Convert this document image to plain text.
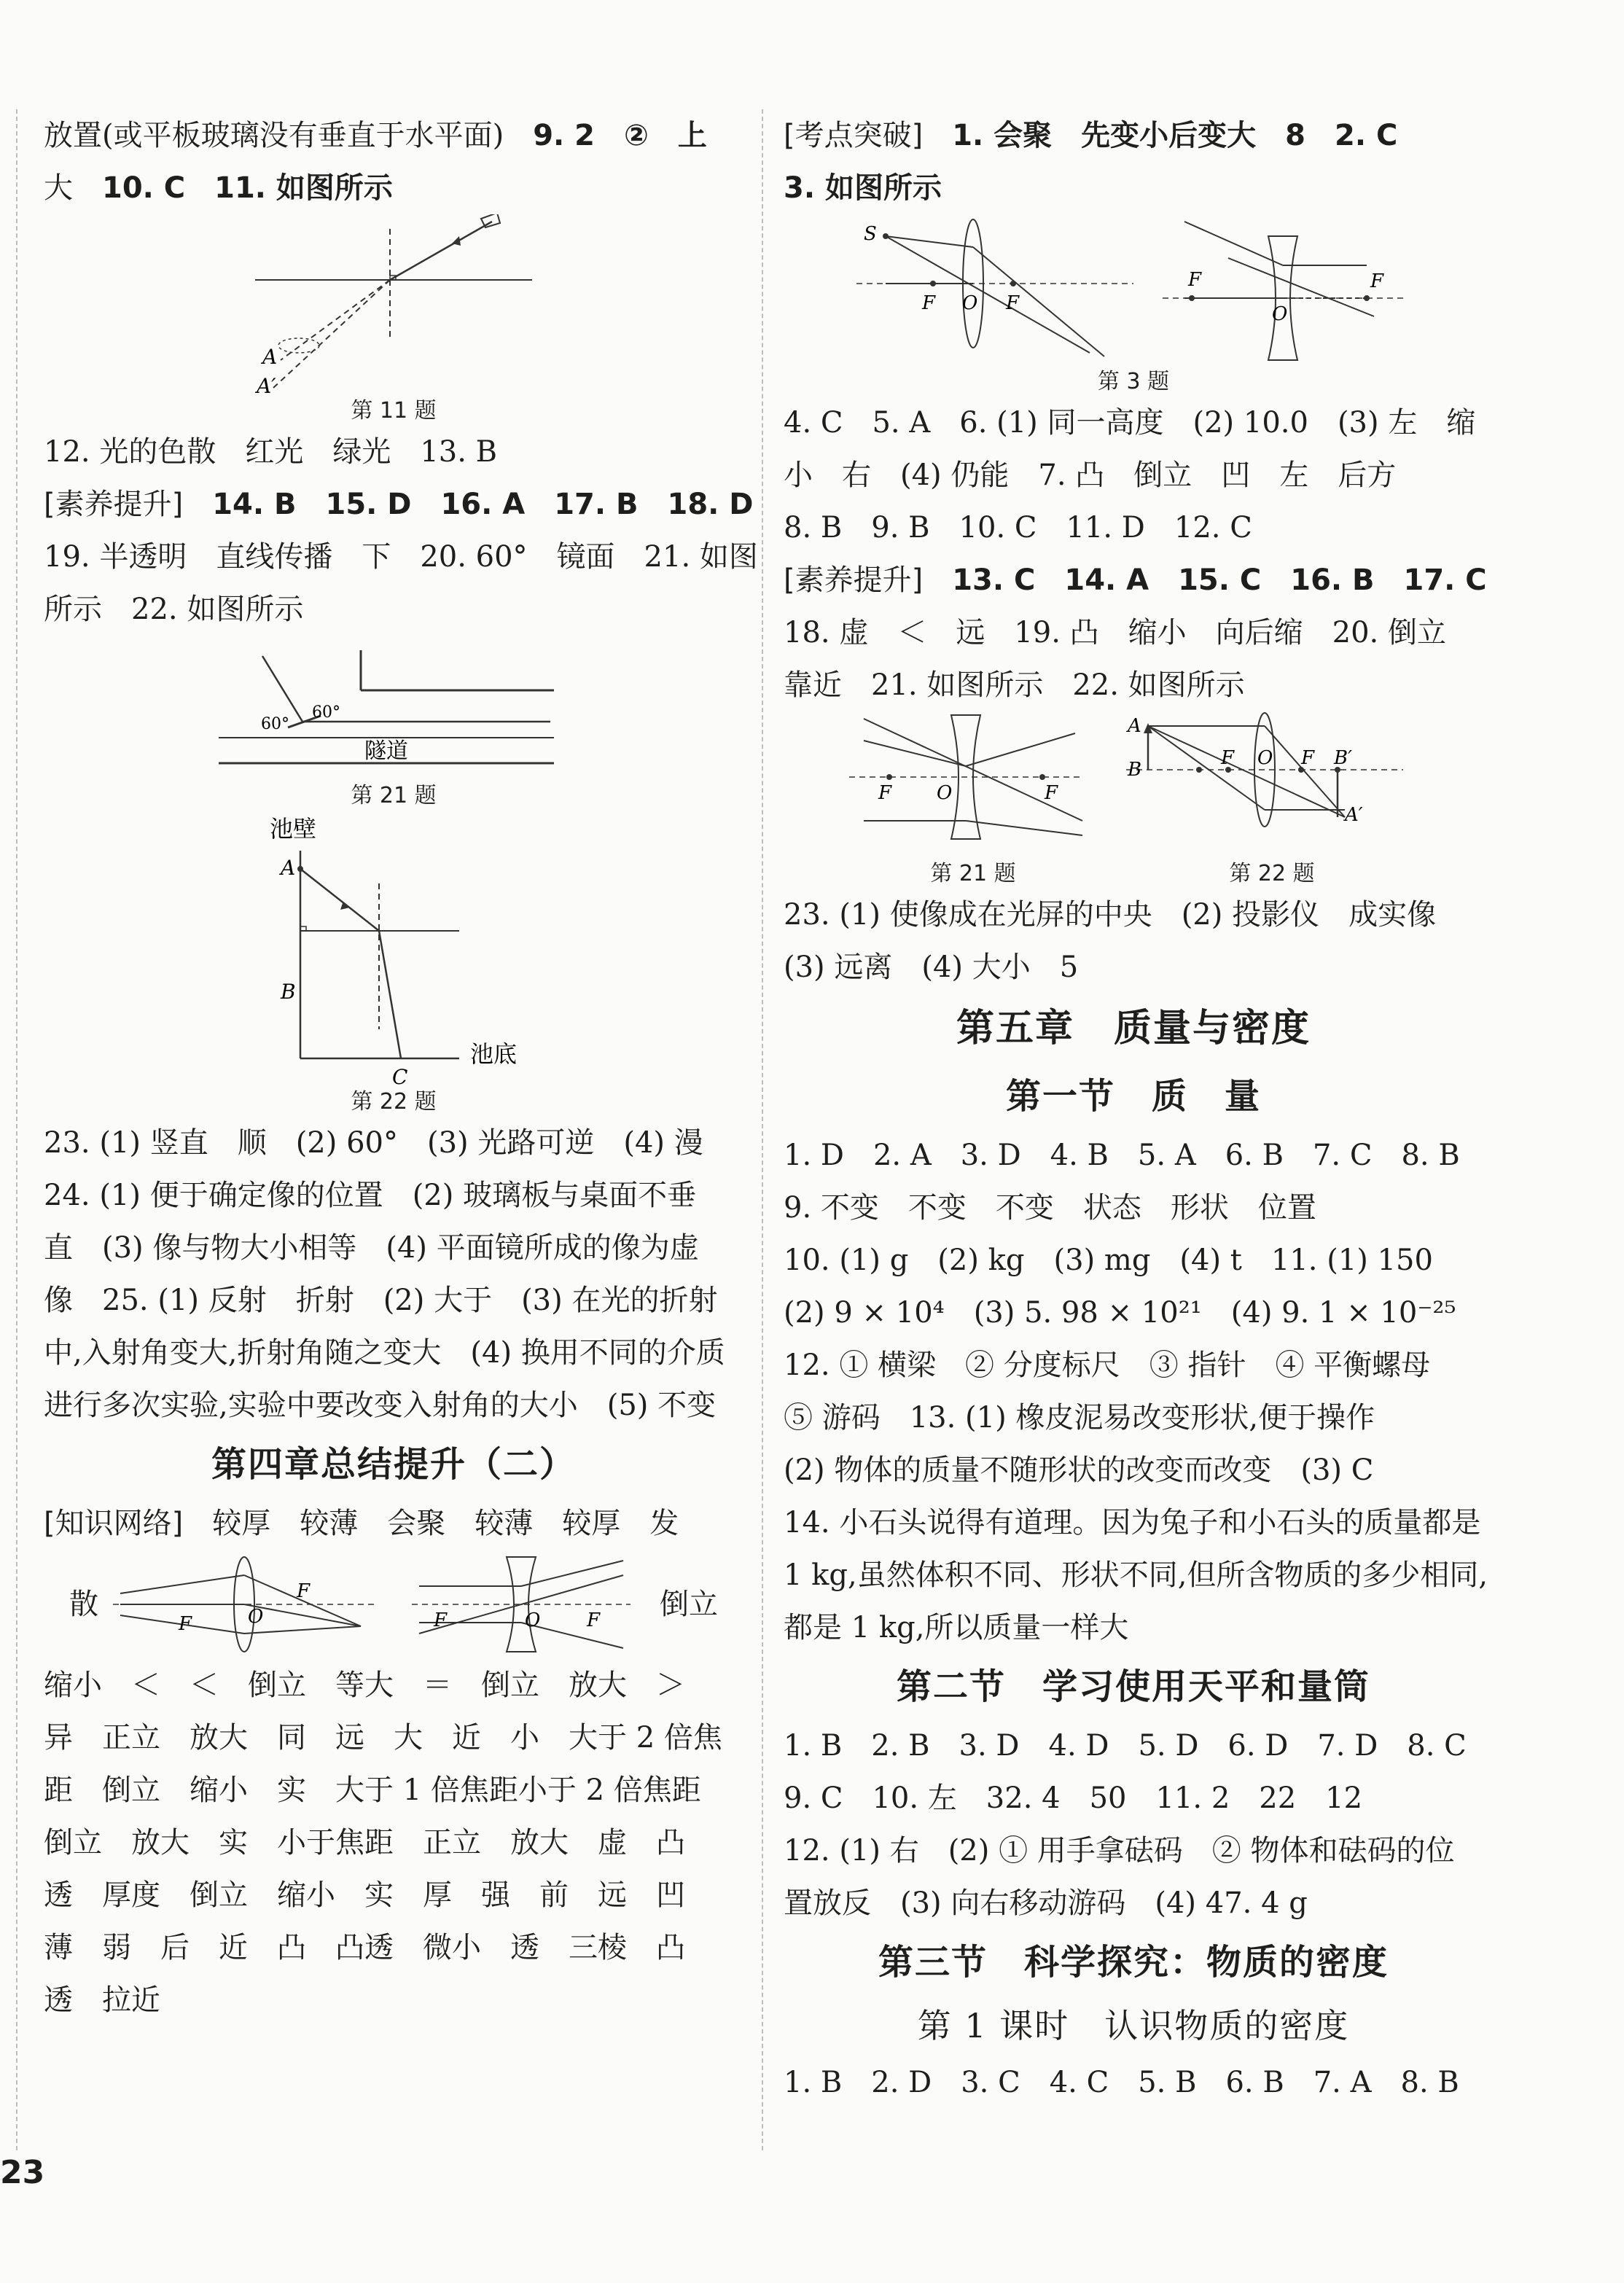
放置(或平板玻璃没有垂直于水平面)　 9. 2　②　上
大　 10. C　11. 如图所示
A
A′
第 11 题
12. 光的色散　红光　绿光　13. B
[素养提升]　 14. B　15. D　16. A　17. B　18. D
19. 半透明　直线传播　下　20. 60°　镜面　21. 如图
所示　22. 如图所示
60°
60°
隧道
第 21 题
池壁
A
B
C
池底
第 22 题
23. (1) 竖直　顺　(2) 60°　(3) 光路可逆　(4) 漫
24. (1) 便于确定像的位置　(2) 玻璃板与桌面不垂
直　(3) 像与物大小相等　(4) 平面镜所成的像为虚
像　25. (1) 反射　折射　(2) 大于　(3) 在光的折射
中,入射角变大,折射角随之变大　(4) 换用不同的介质
进行多次实验,实验中要改变入射角的大小　(5) 不变
第四章总结提升（二）
[知识网络]　 较厚　较薄　会聚　较薄　较厚　发
散
F
F
O	F	F
O	倒立
缩小　＜　＜　倒立　等大　＝　倒立　放大　＞
异　正立　放大　同　远　大　近　小　大于 2 倍焦
距　倒立　缩小　实　大于 1 倍焦距小于 2 倍焦距
倒立　放大　实　小于焦距　正立　放大　虚　凸
透　厚度　倒立　缩小　实　厚　强　前　远　凹
薄　弱　后　近　凸　凸透　微小　透　三棱　凸
透　拉近
[考点突破]　 1. 会聚　先变小后变大　8　2. C
3. 如图所示
S
F O F
F
O
F
第 3 题
4. C　5. A　6. (1) 同一高度　(2) 10.0　(3) 左　缩
小　右　(4) 仍能　7. 凸　倒立　凹　左　后方
8. B　9. B　10. C　11. D　12. C
[素养提升]　 13. C　14. A　15. C　16. B　17. C
18. 虚　＜　远　19. 凸　缩小　向后缩　20. 倒立
靠近　21. 如图所示　22. 如图所示
F O	F
第 21 题
A
B
F O F B′
A′
第 22 题
23. (1) 使像成在光屏的中央　(2) 投影仪　成实像
(3) 远离　(4) 大小　5
第五章　质量与密度
第一节　质　量
1. D　2. A　3. D　4. B　5. A　6. B　7. C　8. B
9. 不变　不变　不变　状态　形状　位置
10. (1) g　(2) kg　(3) mg　(4) t　11. (1) 150
(2) 9 × 10⁴　(3) 5. 98 × 10²¹　(4) 9. 1 × 10⁻²⁵
12. ① 横梁　② 分度标尺　③ 指针　④ 平衡螺母
⑤ 游码　13. (1) 橡皮泥易改变形状,便于操作
(2) 物体的质量不随形状的改变而改变　(3) C
14. 小石头说得有道理。因为兔子和小石头的质量都是
1 kg,虽然体积不同、形状不同,但所含物质的多少相同,
都是 1 kg,所以质量一样大
第二节　学习使用天平和量筒
1. B　2. B　3. D　4. D　5. D　6. D　7. D　8. C
9. C　10. 左　32. 4　50　11. 2　22　12
12. (1) 右　(2) ① 用手拿砝码　② 物体和砝码的位
置放反　(3) 向右移动游码　(4) 47. 4 g
第三节　科学探究：物质的密度
第 1 课时　认识物质的密度
1. B　2. D　3. C　4. C　5. B　6. B　7. A　8. B
23
